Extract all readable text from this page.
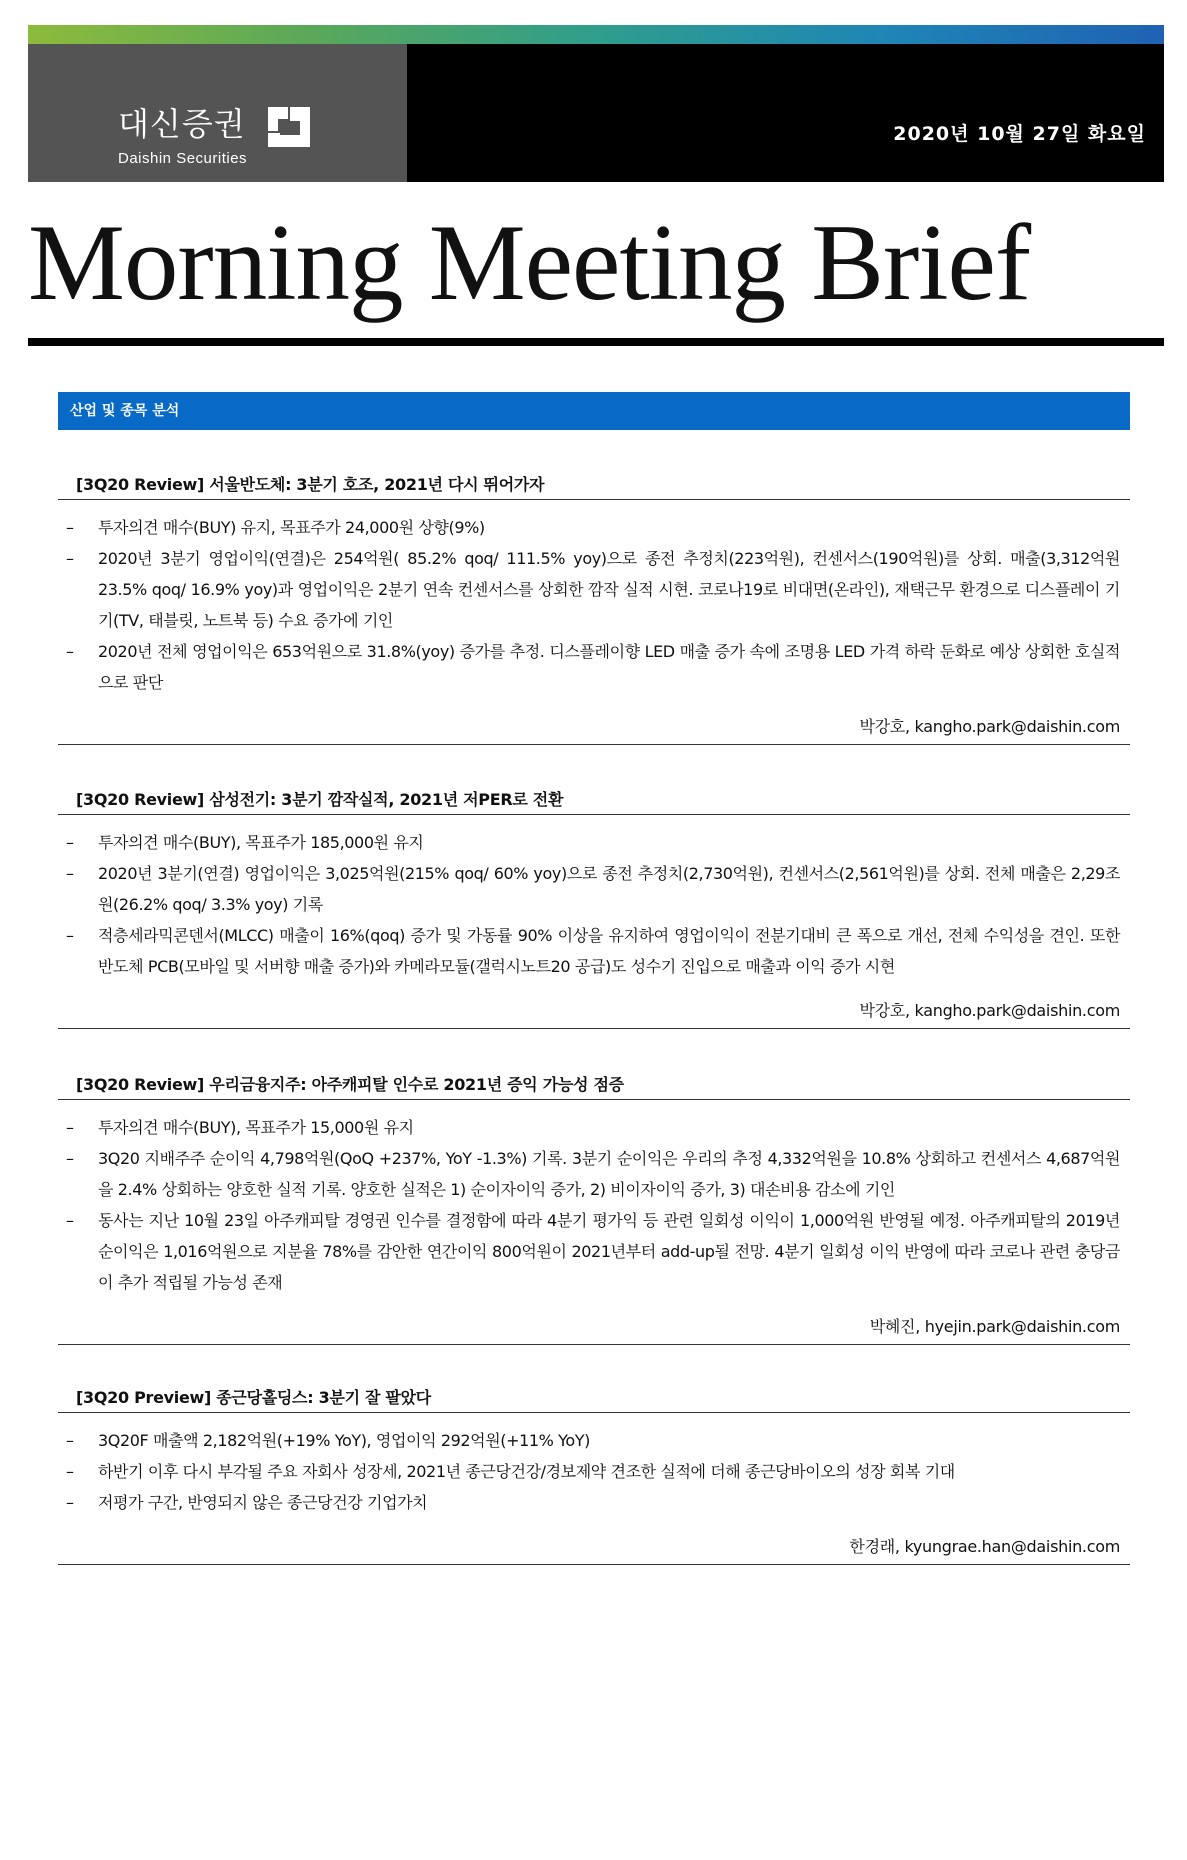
대신증권
Daishin Securities
2020년 10월 27일 화요일
Morning Meeting Brief
산업 및 종목 분석
[3Q20 Review] 서울반도체: 3분기 호조, 2021년 다시 뛰어가자
– 투자의견 매수(BUY) 유지, 목표주가 24,000원 상향(9%)
– 2020년 3분기 영업이익(연결)은 254억원( 85.2% qoq/ 111.5% yoy)으로 종전 추정치(223억원), 컨센서스(190억원)를 상회. 매출(3,312억원 23.5% qoq/ 16.9% yoy)과 영업이익은 2분기 연속 컨센서스를 상회한 깜작 실적 시현. 코로나19로 비대면(온라인), 재택근무 환경으로 디스플레이 기기(TV, 태블릿, 노트북 등) 수요 증가에 기인
– 2020년 전체 영업이익은 653억원으로 31.8%(yoy) 증가를 추정. 디스플레이향 LED 매출 증가 속에 조명용 LED 가격 하락 둔화로 예상 상회한 호실적으로 판단
박강호, kangho.park@daishin.com
[3Q20 Review] 삼성전기: 3분기 깜작실적, 2021년 저PER로 전환
– 투자의견 매수(BUY), 목표주가 185,000원 유지
– 2020년 3분기(연결) 영업이익은 3,025억원(215% qoq/ 60% yoy)으로 종전 추정치(2,730억원), 컨센서스(2,561억원)를 상회. 전체 매출은 2,29조원(26.2% qoq/ 3.3% yoy) 기록
– 적층세라믹콘덴서(MLCC) 매출이 16%(qoq) 증가 및 가동률 90% 이상을 유지하여 영업이익이 전분기대비 큰 폭으로 개선, 전체 수익성을 견인. 또한 반도체 PCB(모바일 및 서버향 매출 증가)와 카메라모듈(갤럭시노트20 공급)도 성수기 진입으로 매출과 이익 증가 시현
박강호, kangho.park@daishin.com
[3Q20 Review] 우리금융지주: 아주캐피탈 인수로 2021년 증익 가능성 점증
– 투자의견 매수(BUY), 목표주가 15,000원 유지
– 3Q20 지배주주 순이익 4,798억원(QoQ +237%, YoY -1.3%) 기록. 3분기 순이익은 우리의 추정 4,332억원을 10.8% 상회하고 컨센서스 4,687억원을 2.4% 상회하는 양호한 실적 기록. 양호한 실적은 1) 순이자이익 증가, 2) 비이자이익 증가, 3) 대손비용 감소에 기인
– 동사는 지난 10월 23일 아주캐피탈 경영권 인수를 결정함에 따라 4분기 평가익 등 관련 일회성 이익이 1,000억원 반영될 예정. 아주캐피탈의 2019년 순이익은 1,016억원으로 지분율 78%를 감안한 연간이익 800억원이 2021년부터 add-up될 전망. 4분기 일회성 이익 반영에 따라 코로나 관련 충당금이 추가 적립될 가능성 존재
박혜진, hyejin.park@daishin.com
[3Q20 Preview] 종근당홀딩스: 3분기 잘 팔았다
– 3Q20F 매출액 2,182억원(+19% YoY), 영업이익 292억원(+11% YoY)
– 하반기 이후 다시 부각될 주요 자회사 성장세, 2021년 종근당건강/경보제약 견조한 실적에 더해 종근당바이오의 성장 회복 기대
– 저평가 구간, 반영되지 않은 종근당건강 기업가치
한경래, kyungrae.han@daishin.com
